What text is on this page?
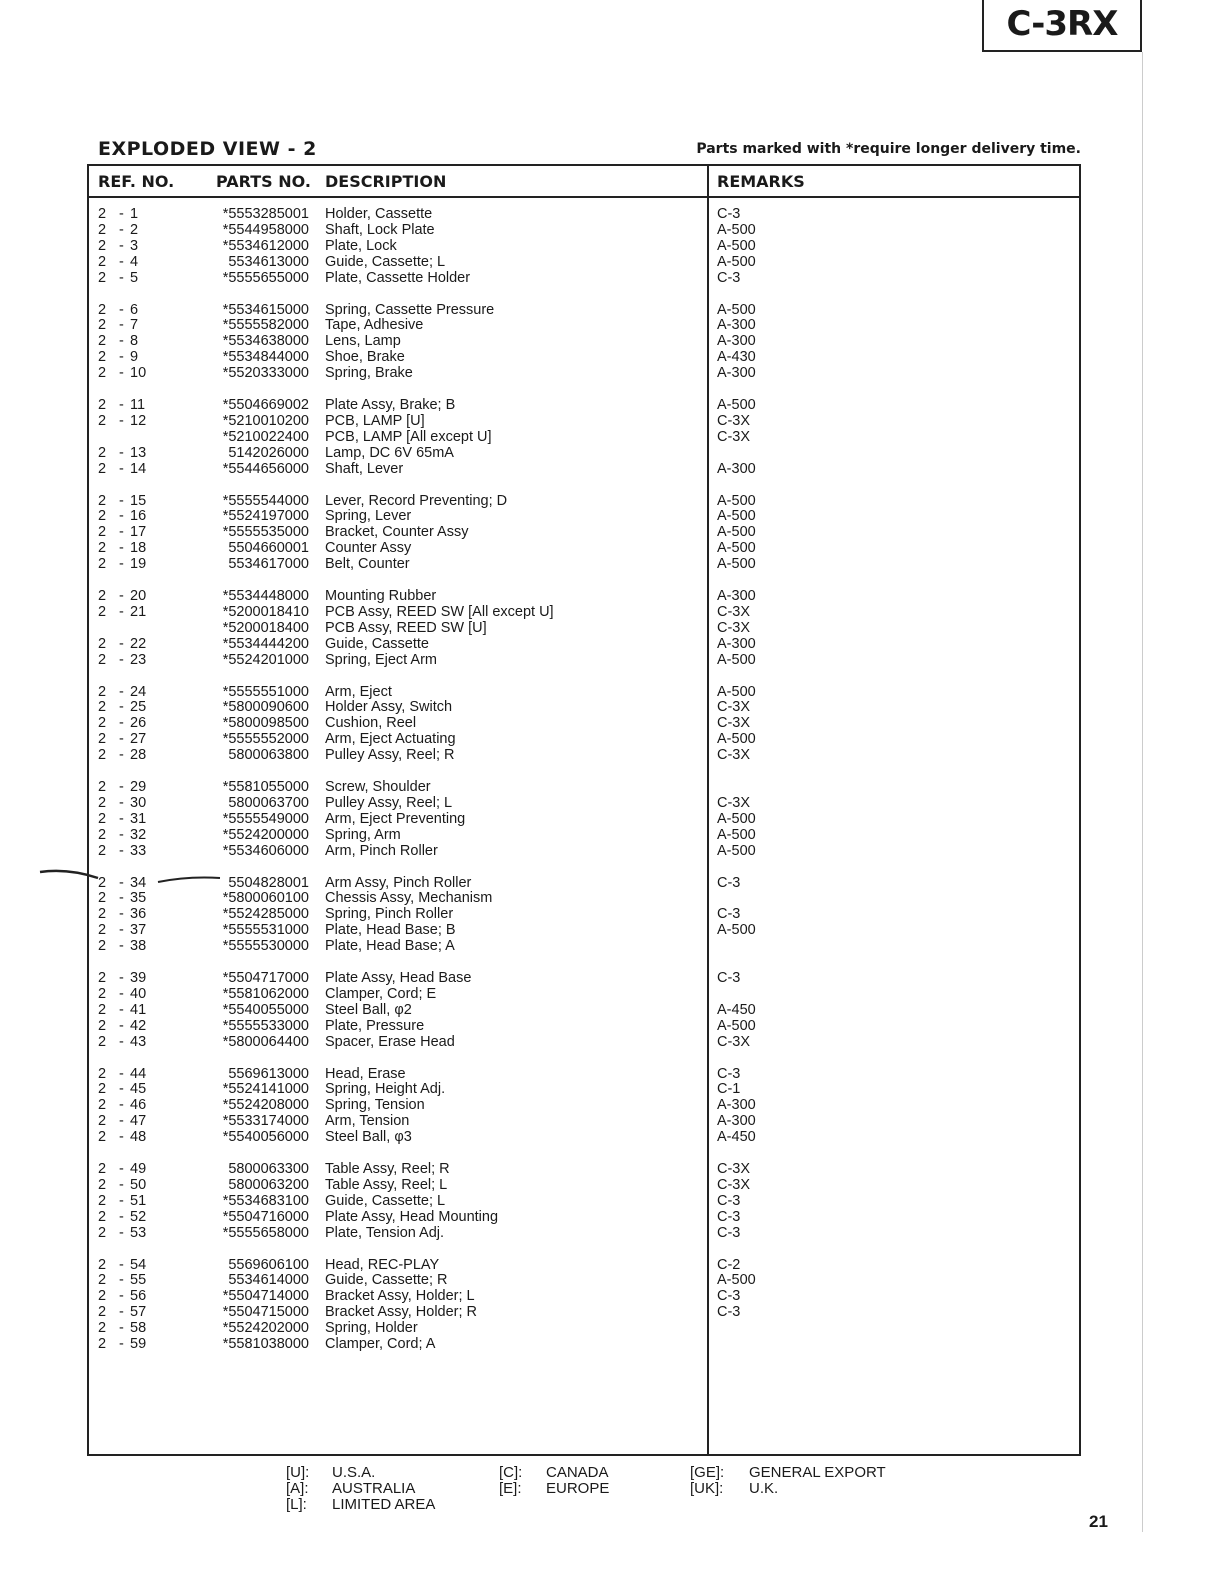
C-3RX
EXPLODED VIEW - 2	Parts marked with *require longer delivery time.
REF. NO.	PARTS NO. DESCRIPTION	REMARKS
2 - 1	*5553285001 Holder, Cassette	C-3
2 - 2	*5544958000 Shaft, Lock Plate	A-500
2 - 3	*5534612000 Plate, Lock	A-500
2 - 4	5534613000 Guide, Cassette; L	A-500
2 - 5	*5555655000 Plate, Cassette Holder	C-3
2 - 6	*5534615000 Spring, Cassette Pressure	A-500
2 - 7	*5555582000 Tape, Adhesive	A-300
2 - 8	*5534638000 Lens, Lamp	A-300
2 - 9	*5534844000 Shoe, Brake	A-430
2 - 10	*5520333000 Spring, Brake	A-300
2 - 11	*5504669002 Plate Assy, Brake; B	A-500
2 - 12	*5210010200 PCB, LAMP [U]	C-3X
*5210022400 PCB, LAMP [All except U]	C-3X
2 - 13	5142026000 Lamp, DC 6V 65mA
2 - 14	*5544656000 Shaft, Lever	A-300
2 - 15	*5555544000 Lever, Record Preventing; D	A-500
2 - 16	*5524197000 Spring, Lever	A-500
2 - 17	*5555535000 Bracket, Counter Assy	A-500
2 - 18	5504660001 Counter Assy	A-500
2 - 19	5534617000 Belt, Counter	A-500
2 - 20	*5534448000 Mounting Rubber	A-300
2 - 21	*5200018410 PCB Assy, REED SW [All except U]	C-3X
*5200018400 PCB Assy, REED SW [U]	C-3X
2 - 22	*5534444200 Guide, Cassette	A-300
2 - 23	*5524201000 Spring, Eject Arm	A-500
2 - 24	*5555551000 Arm, Eject	A-500
2 - 25	*5800090600 Holder Assy, Switch	C-3X
2 - 26	*5800098500 Cushion, Reel	C-3X
2 - 27	*5555552000 Arm, Eject Actuating	A-500
2 - 28	5800063800 Pulley Assy, Reel; R	C-3X
2 - 29	*5581055000 Screw, Shoulder
2 - 30	5800063700 Pulley Assy, Reel; L	C-3X
2 - 31	*5555549000 Arm, Eject Preventing	A-500
2 - 32	*5524200000 Spring, Arm	A-500
2 - 33	*5534606000 Arm, Pinch Roller	A-500
2 - 34	5504828001 Arm Assy, Pinch Roller	C-3
2 - 35	*5800060100 Chessis Assy, Mechanism
2 - 36	*5524285000 Spring, Pinch Roller	C-3
2 - 37	*5555531000 Plate, Head Base; B	A-500
2 - 38	*5555530000 Plate, Head Base; A
2 - 39	*5504717000 Plate Assy, Head Base	C-3
2 - 40	*5581062000 Clamper, Cord; E
2 - 41	*5540055000 Steel Ball, φ2	A-450
2 - 42	*5555533000 Plate, Pressure	A-500
2 - 43	*5800064400 Spacer, Erase Head	C-3X
2 - 44	5569613000 Head, Erase	C-3
2 - 45	*5524141000 Spring, Height Adj.	C-1
2 - 46	*5524208000 Spring, Tension	A-300
2 - 47	*5533174000 Arm, Tension	A-300
2 - 48	*5540056000 Steel Ball, φ3	A-450
2 - 49	5800063300 Table Assy, Reel; R	C-3X
2 - 50	5800063200 Table Assy, Reel; L	C-3X
2 - 51	*5534683100 Guide, Cassette; L	C-3
2 - 52	*5504716000 Plate Assy, Head Mounting	C-3
2 - 53	*5555658000 Plate, Tension Adj.	C-3
2 - 54	5569606100 Head, REC-PLAY	C-2
2 - 55	5534614000 Guide, Cassette; R	A-500
2 - 56	*5504714000 Bracket Assy, Holder; L	C-3
2 - 57	*5504715000 Bracket Assy, Holder; R	C-3
2 - 58	*5524202000 Spring, Holder
2 - 59	*5581038000 Clamper, Cord; A
[U]: U.S.A.
[A]: AUSTRALIA
[L]: LIMITED AREA
[C]: CANADA
[E]: EUROPE
[GE]: GENERAL EXPORT
[UK]: U.K.
21
